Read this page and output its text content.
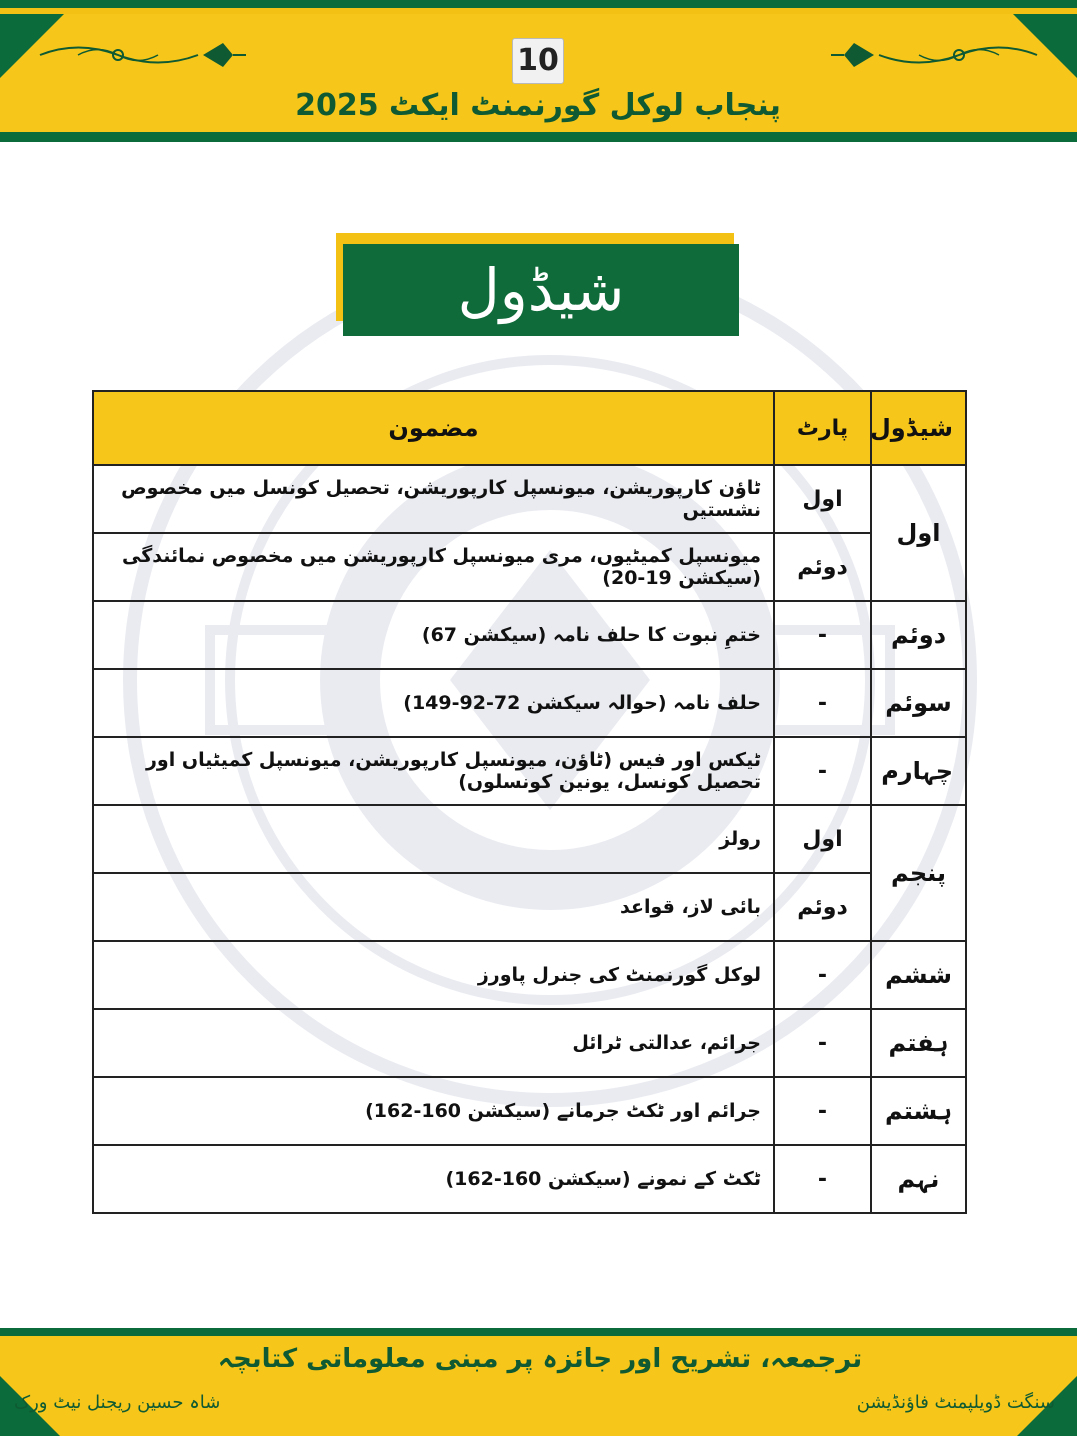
10
پنجاب لوکل گورنمنٹ ایکٹ 2025
شیڈول
شیڈول	پارٹ	مضمون
اول	اول	ٹاؤن کارپوریشن، میونسپل کارپوریشن، تحصیل کونسل میں مخصوص نشستیں
	دوئم	میونسپل کمیٹیوں، مری میونسپل کارپوریشن میں مخصوص نمائندگی (سیکشن 19-20)
دوئم	-	ختمِ نبوت کا حلف نامہ (سیکشن 67)
سوئم	-	حلف نامہ (حوالہ سیکشن 72-92-149)
چہارم	-	ٹیکس اور فیس (ٹاؤن، میونسپل کارپوریشن، میونسپل کمیٹیاں اور تحصیل کونسل، یونین کونسلوں)
پنجم	اول	رولز
	دوئم	بائی لاز، قواعد
ششم	-	لوکل گورنمنٹ کی جنرل پاورز
ہفتم	-	جرائم، عدالتی ٹرائل
ہشتم	-	جرائم اور ٹکٹ جرمانے (سیکشن 160-162)
نہم	-	ٹکٹ کے نمونے (سیکشن 160-162)
ترجمعہ، تشریح اور جائزہ پر مبنی معلوماتی کتابچہ
شاہ حسین ریجنل نیٹ ورک	سنگت ڈویلپمنٹ فاؤنڈیشن
